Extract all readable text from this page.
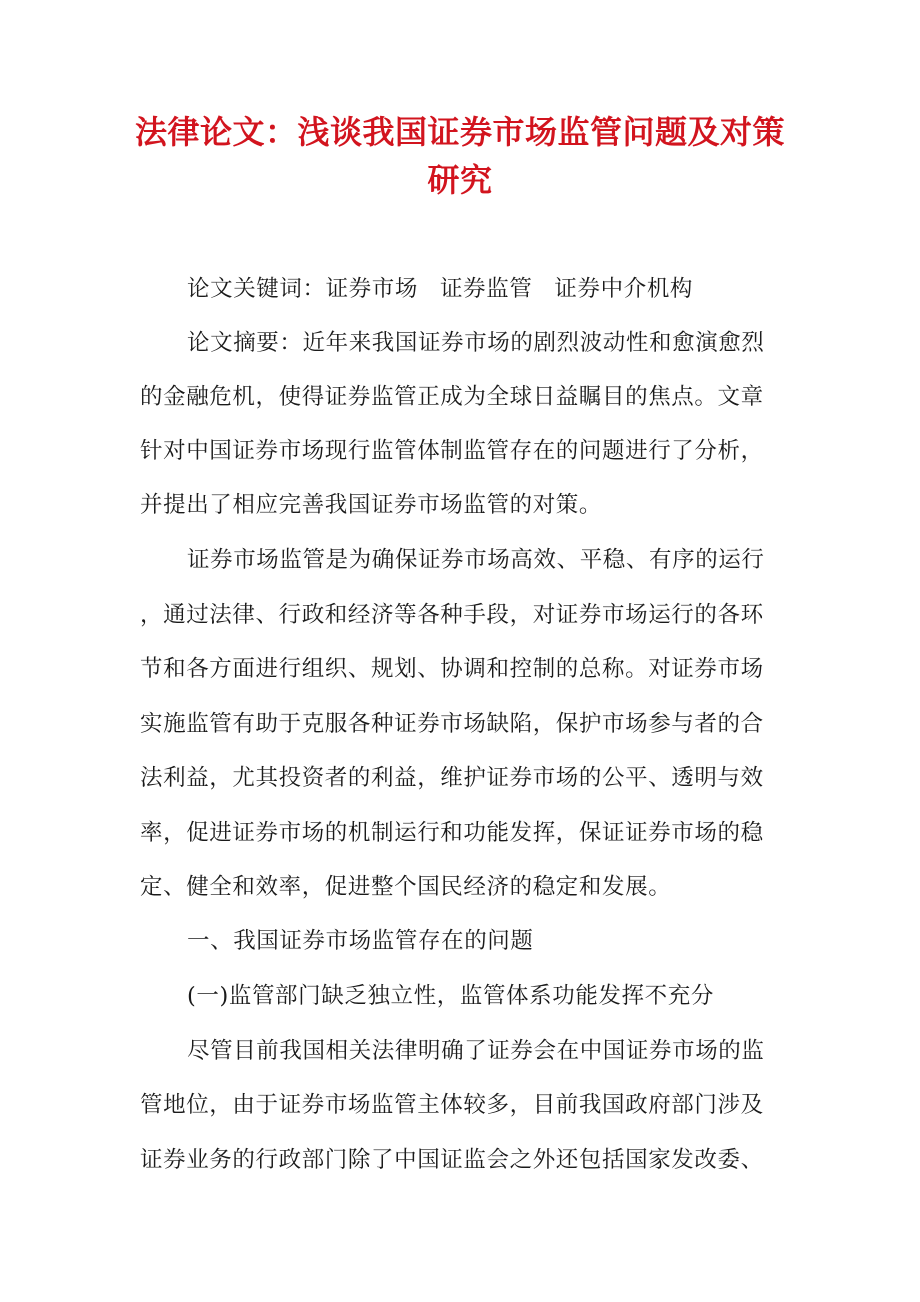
法律论文：浅谈我国证券市场监管问题及对策
研究
论文关键词：证券市场 证券监管 证券中介机构
论文摘要：近年来我国证券市场的剧烈波动性和愈演愈烈
的金融危机，使得证券监管正成为全球日益瞩目的焦点。文章
针对中国证券市场现行监管体制监管存在的问题进行了分析，
并提出了相应完善我国证券市场监管的对策。
证券市场监管是为确保证券市场高效、平稳、有序的运行
，通过法律、行政和经济等各种手段，对证券市场运行的各环
节和各方面进行组织、规划、协调和控制的总称。对证券市场
实施监管有助于克服各种证券市场缺陷，保护市场参与者的合
法利益，尤其投资者的利益，维护证券市场的公平、透明与效
率，促进证券市场的机制运行和功能发挥，保证证券市场的稳
定、健全和效率，促进整个国民经济的稳定和发展。
一、我国证券市场监管存在的问题
(一)监管部门缺乏独立性，监管体系功能发挥不充分
尽管目前我国相关法律明确了证券会在中国证券市场的监
管地位，由于证券市场监管主体较多，目前我国政府部门涉及
证券业务的行政部门除了中国证监会之外还包括国家发改委、
